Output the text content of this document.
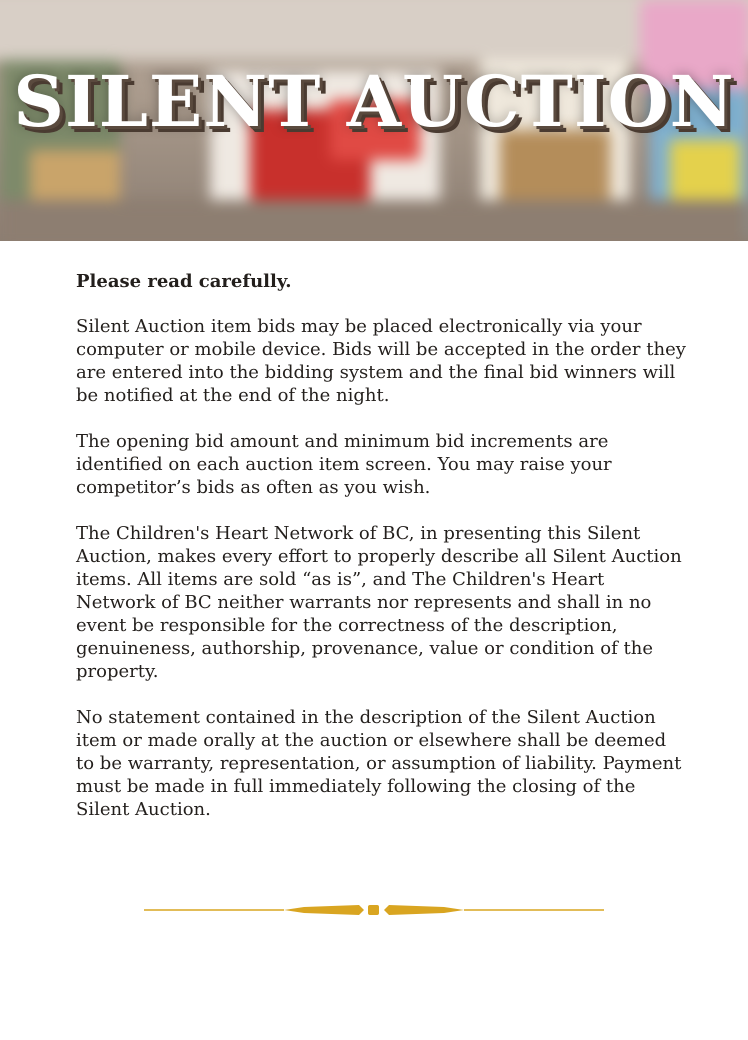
SILENT AUCTION

Please read carefully.

Silent Auction item bids may be placed electronically via your computer or mobile device. Bids will be accepted in the order they are entered into the bidding system and the final bid winners will be notified at the end of the night.

The opening bid amount and minimum bid increments are identified on each auction item screen. You may raise your competitor’s bids as often as you wish.

The Children's Heart Network of BC, in presenting this Silent Auction, makes every effort to properly describe all Silent Auction items. All items are sold “as is”, and The Children's Heart Network of BC neither warrants nor represents and shall in no event be responsible for the correctness of the description, genuineness, authorship, provenance, value or condition of the property.

No statement contained in the description of the Silent Auction item or made orally at the auction or elsewhere shall be deemed to be warranty, representation, or assumption of liability. Payment must be made in full immediately following the closing of the Silent Auction.
